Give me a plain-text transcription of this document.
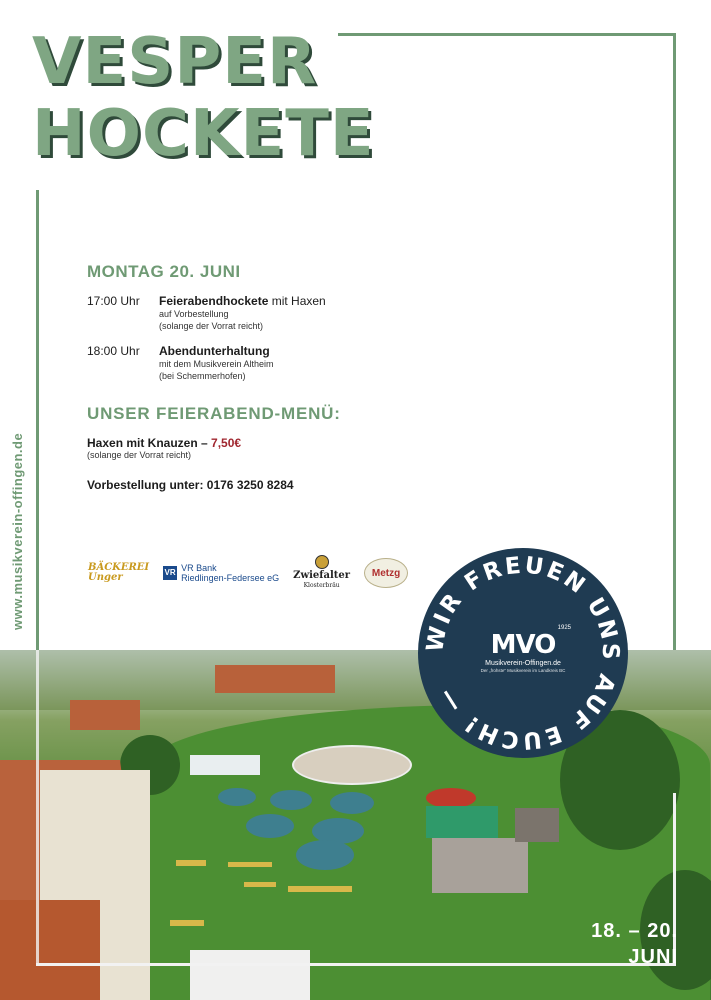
VESPER
HOCKETE
www.musikverein-offingen.de
MONTAG 20. JUNI
17:00 Uhr	Feierabendhockete mit Haxen
auf Vorbestellung
(solange der Vorrat reicht)
18:00 Uhr	Abendunterhaltung
mit dem Musikverein Altheim
(bei Schemmerhofen)
UNSER FEIERABEND-MENÜ:
Haxen mit Knauzen – 7,50€
(solange der Vorrat reicht)
Vorbestellung unter: 0176 3250 8284
BÄCKEREI
Unger	VR VR Bank
Riedlingen-Federsee eG Zwiefalter
Klosterbräu
Metzg
18. – 20.
JUNI
WIR FREUEN UNS AUF EUCH! —
1925
MVO
Musikverein-Offingen.de
Der „frohste“ Musikverein im Landkreis BC
